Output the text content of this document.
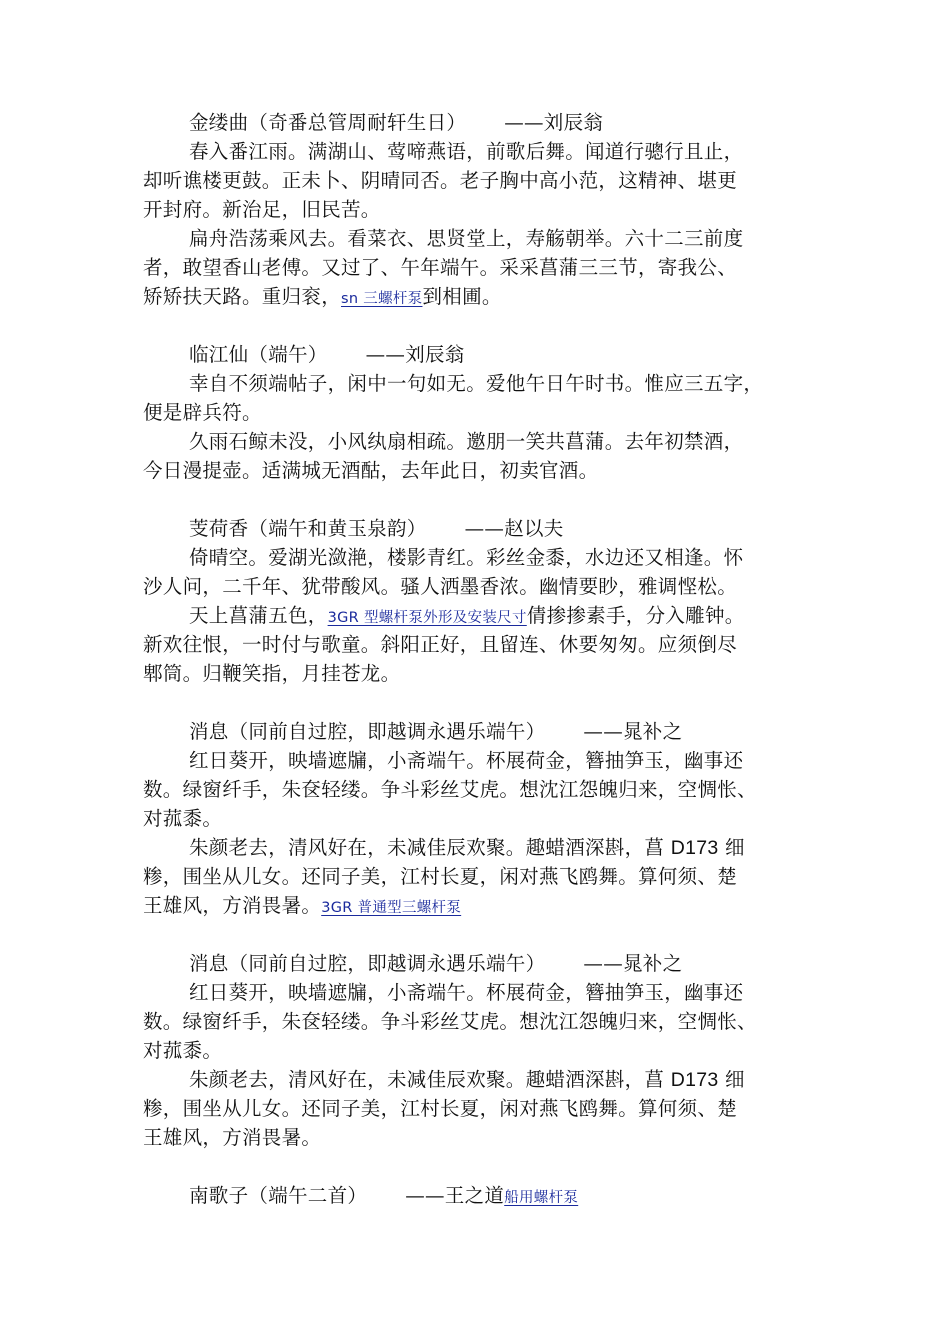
金缕曲（奇番总管周耐轩生日） ——刘辰翁
春入番江雨。满湖山、莺啼燕语，前歌后舞。闻道行骢行且止，
却听谯楼更鼓。正未卜、阴晴同否。老子胸中高小范，这精神、堪更
开封府。新治足，旧民苦。
扁舟浩荡乘风去。看菜衣、思贤堂上，寿觞朝举。六十二三前度
者，敢望香山老傅。又过了、午年端午。采采菖蒲三三节，寄我公、
矫矫扶天路。重归衮，sn 三螺杆泵到相圃。
临江仙（端午） ——刘辰翁
幸自不须端帖子，闲中一句如无。爱他午日午时书。惟应三五字，
便是辟兵符。
久雨石鲸未没，小风纨扇相疏。邀朋一笑共菖蒲。去年初禁酒，
今日漫提壶。适满城无酒酤，去年此日，初卖官酒。
芰荷香（端午和黄玉泉韵） ——赵以夫
倚晴空。爱湖光潋滟，楼影青红。彩丝金黍，水边还又相逢。怀
沙人问，二千年、犹带酸风。骚人洒墨香浓。幽情要眇，雅调悭松。
天上菖蒲五色，3GR 型螺杆泵外形及安装尺寸倩掺掺素手，分入雕钟。
新欢往恨，一时付与歌童。斜阳正好，且留连、休要匆匆。应须倒尽
郫筒。归鞭笑指，月挂苍龙。
消息（同前自过腔，即越调永遇乐端午） ——晁补之
红日葵开，映墙遮牖，小斋端午。杯展荷金，簪抽笋玉，幽事还
数。绿窗纤手，朱奁轻缕。争斗彩丝艾虎。想沈江怨魄归来，空惆怅、
对菰黍。
朱颜老去，清风好在，未减佳辰欢聚。趣蜡酒深斟，菖 D173 细
糁，围坐从儿女。还同子美，江村长夏，闲对燕飞鸥舞。算何须、楚
王雄风，方消畏暑。3GR 普通型三螺杆泵
消息（同前自过腔，即越调永遇乐端午） ——晁补之
红日葵开，映墙遮牖，小斋端午。杯展荷金，簪抽笋玉，幽事还
数。绿窗纤手，朱奁轻缕。争斗彩丝艾虎。想沈江怨魄归来，空惆怅、
对菰黍。
朱颜老去，清风好在，未减佳辰欢聚。趣蜡酒深斟，菖 D173 细
糁，围坐从儿女。还同子美，江村长夏，闲对燕飞鸥舞。算何须、楚
王雄风，方消畏暑。
南歌子（端午二首） ——王之道船用螺杆泵
